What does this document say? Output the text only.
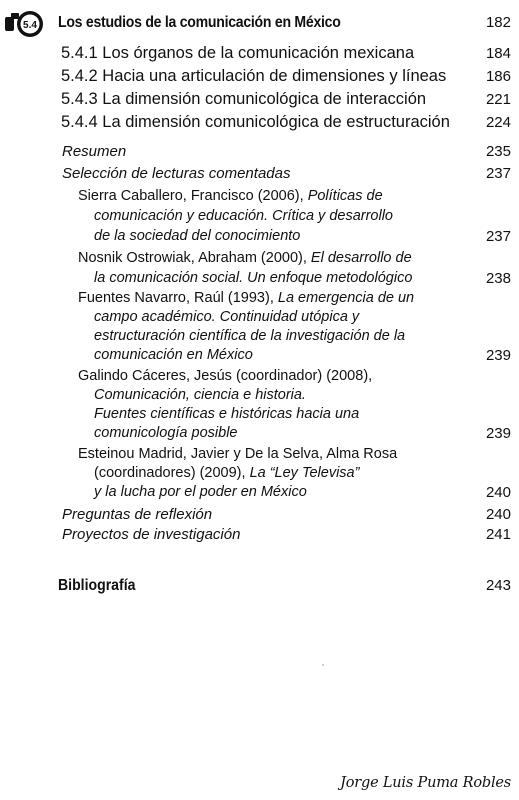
5.4 Los estudios de la comunicación en México	182
5.4.1 Los órganos de la comunicación mexicana	184
5.4.2 Hacia una articulación de dimensiones y líneas	186
5.4.3 La dimensión comunicológica de interacción	221
5.4.4 La dimensión comunicológica de estructuración 224
Resumen	235
Selección de lecturas comentadas	237
Sierra Caballero, Francisco (2006), Políticas de
comunicación y educación. Crítica y desarrollo
de la sociedad del conocimiento	237
Nosnik Ostrowiak, Abraham (2000), El desarrollo de
la comunicación social. Un enfoque metodológico	238
Fuentes Navarro, Raúl (1993), La emergencia de un
campo académico. Continuidad utópica y
estructuración científica de la investigación de la
comunicación en México	239
Galindo Cáceres, Jesús (coordinador) (2008),
Comunicación, ciencia e historia.
Fuentes científicas e históricas hacia una
comunicología posible	239
Esteinou Madrid, Javier y De la Selva, Alma Rosa
(coordinadores) (2009), La “Ley Televisa”
y la lucha por el poder en México	240
Preguntas de reflexión	240
Proyectos de investigación	241
Bibliografía	243
Jorge Luis Puma Robles
